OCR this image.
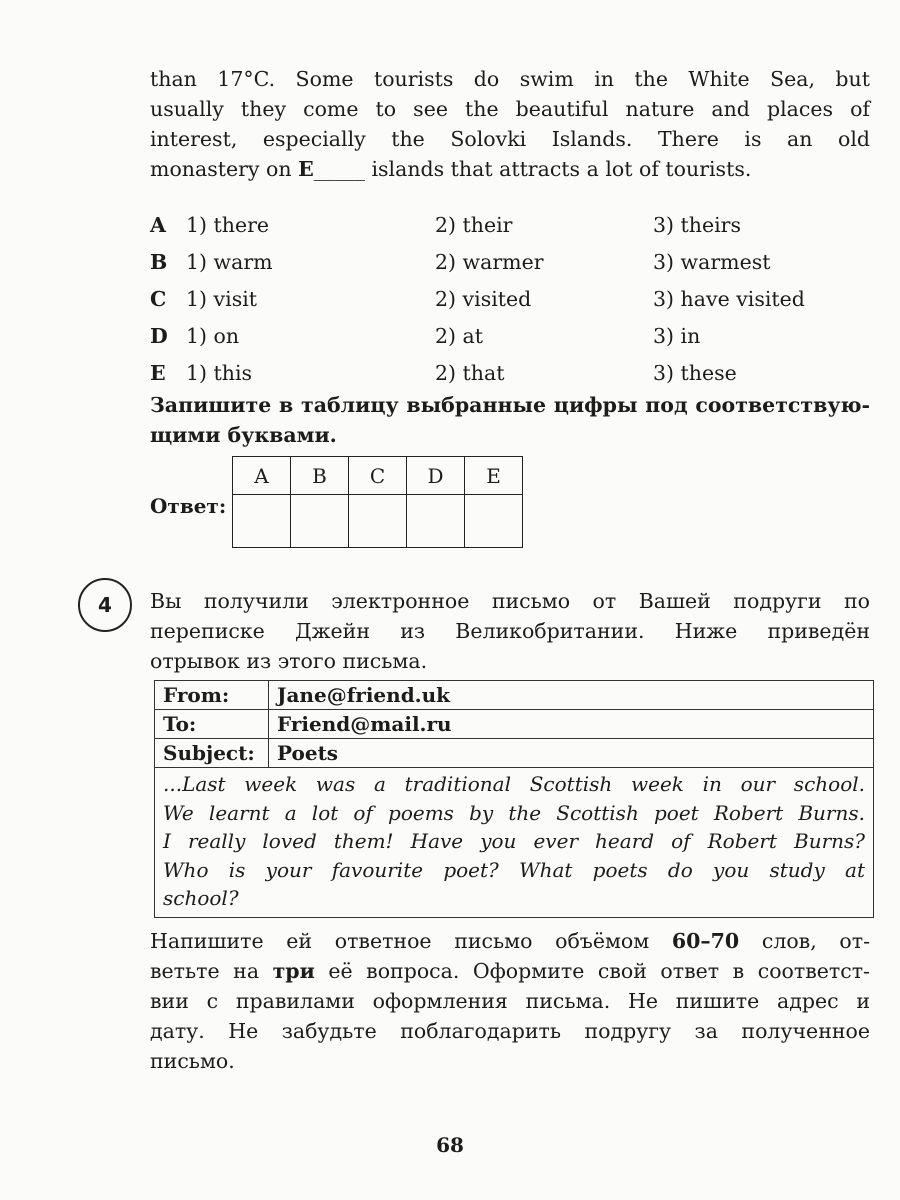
than 17°C. Some tourists do swim in the White Sea, but
usually they come to see the beautiful nature and places of
interest, especially the Solovki Islands. There is an old
monastery on E_____ islands that attracts a lot of tourists.
A 1) there	2) their	3) theirs
B 1) warm	2) warmer	3) warmest
C 1) visit	2) visited	3) have visited
D 1) on	2) at	3) in
E 1) this	2) that	3) these
Запишите в таблицу выбранные цифры под соответствую-
щими буквами.
Ответ:
A	B	C	D	E

4	Вы получили электронное письмо от Вашей подруги по
переписке Джейн из Великобритании. Ниже приведён
отрывок из этого письма.
From:	Jane@friend.uk
To:	Friend@mail.ru
Subject:	Poets

...Last week was a traditional Scottish week in our school.
We learnt a lot of poems by the Scottish poet Robert Burns.
I really loved them! Have you ever heard of Robert Burns?
Who is your favourite poet? What poets do you study at
school?	
Напишите ей ответное письмо объёмом 60–70 слов, от-
ветьте на три её вопроса. Оформите свой ответ в соответст-
вии с правилами оформления письма. Не пишите адрес и
дату. Не забудьте поблагодарить подругу за полученное
письмо.
68
